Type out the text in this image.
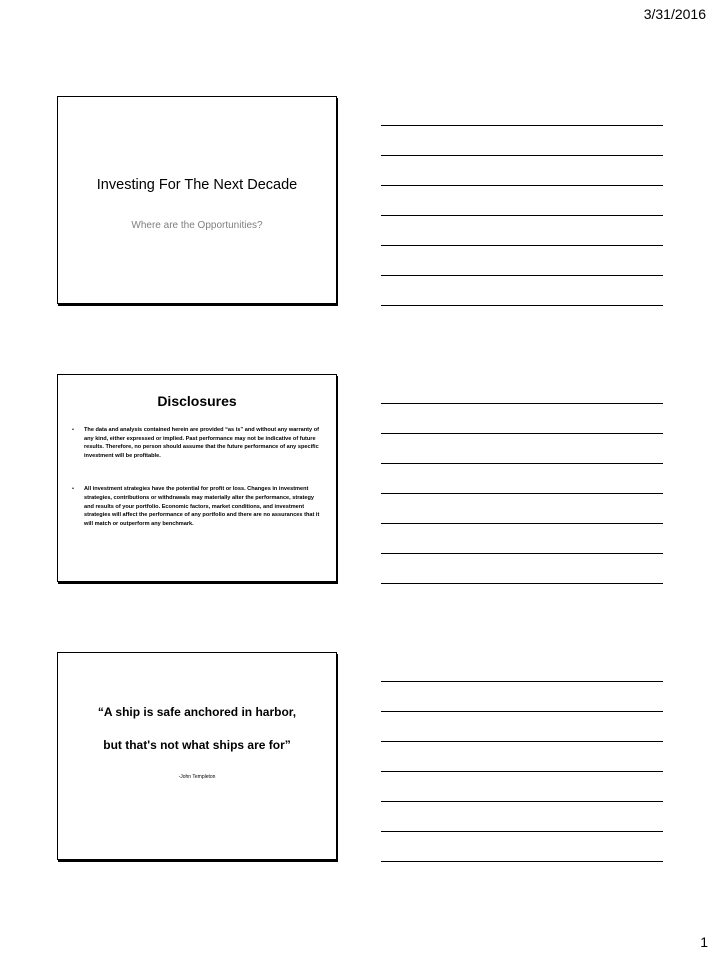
3/31/2016
Investing For The Next Decade
Where are the Opportunities?
Disclosures
• The data and analysis contained herein are provided “as is” and without any warranty of any kind, either expressed or implied. Past performance may not be indicative of future results. Therefore, no person should assume that the future performance of any specific investment will be profitable.
• All investment strategies have the potential for profit or loss. Changes in investment strategies, contributions or withdrawals may materially alter the performance, strategy and results of your portfolio. Economic factors, market conditions, and investment strategies will affect the performance of any portfolio and there are no assurances that it will match or outperform any benchmark.
“A ship is safe anchored in harbor,
but that's not what ships are for”
-John Templeton
1
